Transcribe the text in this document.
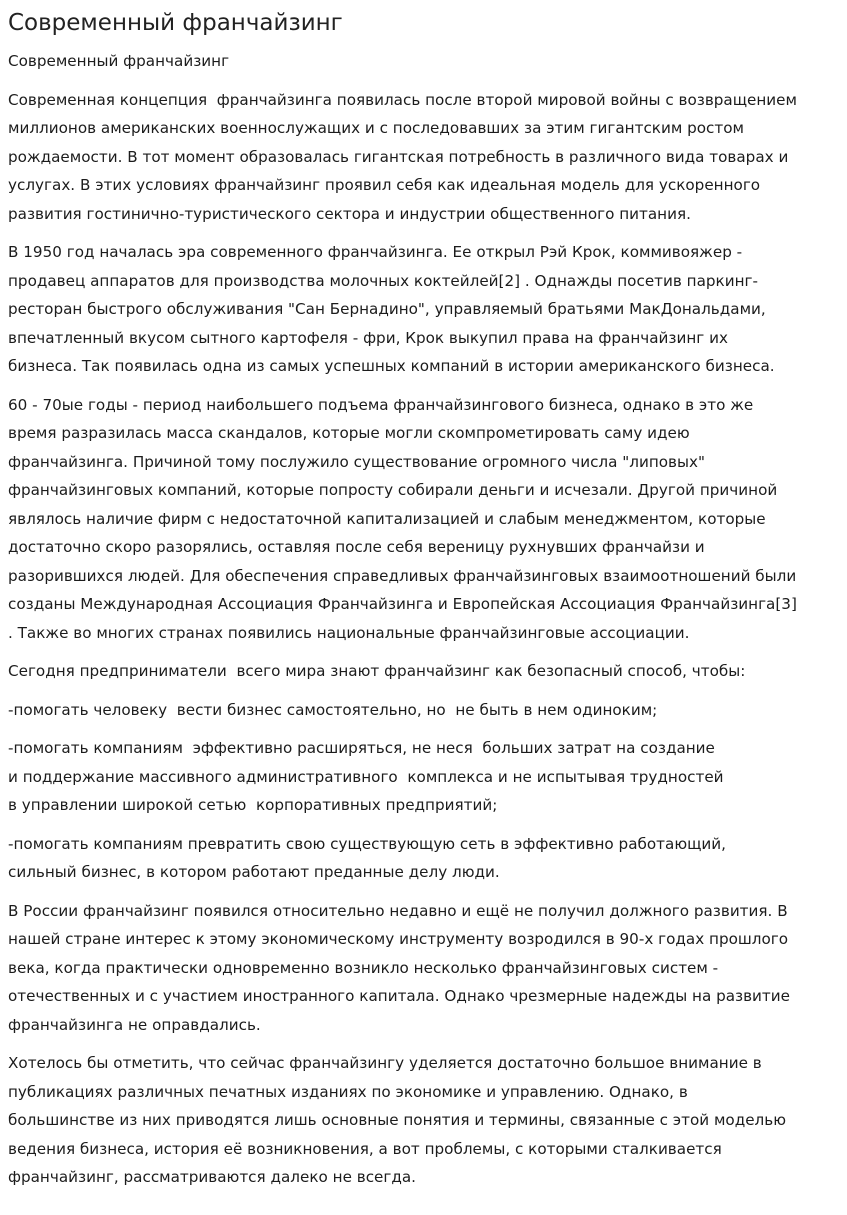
Современный франчайзинг

Современный франчайзинг

Современная концепция  франчайзинга появилась после второй мировой войны с возвращением
миллионов американских военнослужащих и с последовавших за этим гигантским ростом
рождаемости. В тот момент образовалась гигантская потребность в различного вида товарах и
услугах. В этих условиях франчайзинг проявил себя как идеальная модель для ускоренного
развития гостинично-туристического сектора и индустрии общественного питания.

В 1950 год началась эра современного франчайзинга. Ее открыл Рэй Крок, коммивояжер -
продавец аппаратов для производства молочных коктейлей[2] . Однажды посетив паркинг-
ресторан быстрого обслуживания "Сан Бернадино", управляемый братьями МакДональдами,
впечатленный вкусом сытного картофеля - фри, Крок выкупил права на франчайзинг их
бизнеса. Так появилась одна из самых успешных компаний в истории американского бизнеса.

60 - 70ые годы - период наибольшего подъема франчайзингового бизнеса, однако в это же
время разразилась масса скандалов, которые могли скомпрометировать саму идею
франчайзинга. Причиной тому послужило существование огромного числа "липовых"
франчайзинговых компаний, которые попросту собирали деньги и исчезали. Другой причиной
являлось наличие фирм с недостаточной капитализацией и слабым менеджментом, которые
достаточно скоро разорялись, оставляя после себя вереницу рухнувших франчайзи и
разорившихся людей. Для обеспечения справедливых франчайзинговых взаимоотношений были
созданы Международная Ассоциация Франчайзинга и Европейская Ассоциация Франчайзинга[3]
. Также во многих странах появились национальные франчайзинговые ассоциации.

Сегодня предприниматели  всего мира знают франчайзинг как безопасный способ, чтобы:

-помогать человеку  вести бизнес самостоятельно, но  не быть в нем одиноким;

-помогать компаниям  эффективно расширяться, не неся  больших затрат на создание
и поддержание массивного административного  комплекса и не испытывая трудностей
в управлении широкой сетью  корпоративных предприятий;

-помогать компаниям превратить свою существующую сеть в эффективно работающий,
сильный бизнес, в котором работают преданные делу люди.

В России франчайзинг появился относительно недавно и ещё не получил должного развития. В
нашей стране интерес к этому экономическому инструменту возродился в 90-х годах прошлого
века, когда практически одновременно возникло несколько франчайзинговых систем -
отечественных и с участием иностранного капитала. Однако чрезмерные надежды на развитие
франчайзинга не оправдались.

Хотелось бы отметить, что сейчас франчайзингу уделяется достаточно большое внимание в
публикациях различных печатных изданиях по экономике и управлению. Однако, в
большинстве из них приводятся лишь основные понятия и термины, связанные с этой моделью
ведения бизнеса, история её возникновения, а вот проблемы, с которыми сталкивается
франчайзинг, рассматриваются далеко не всегда.
